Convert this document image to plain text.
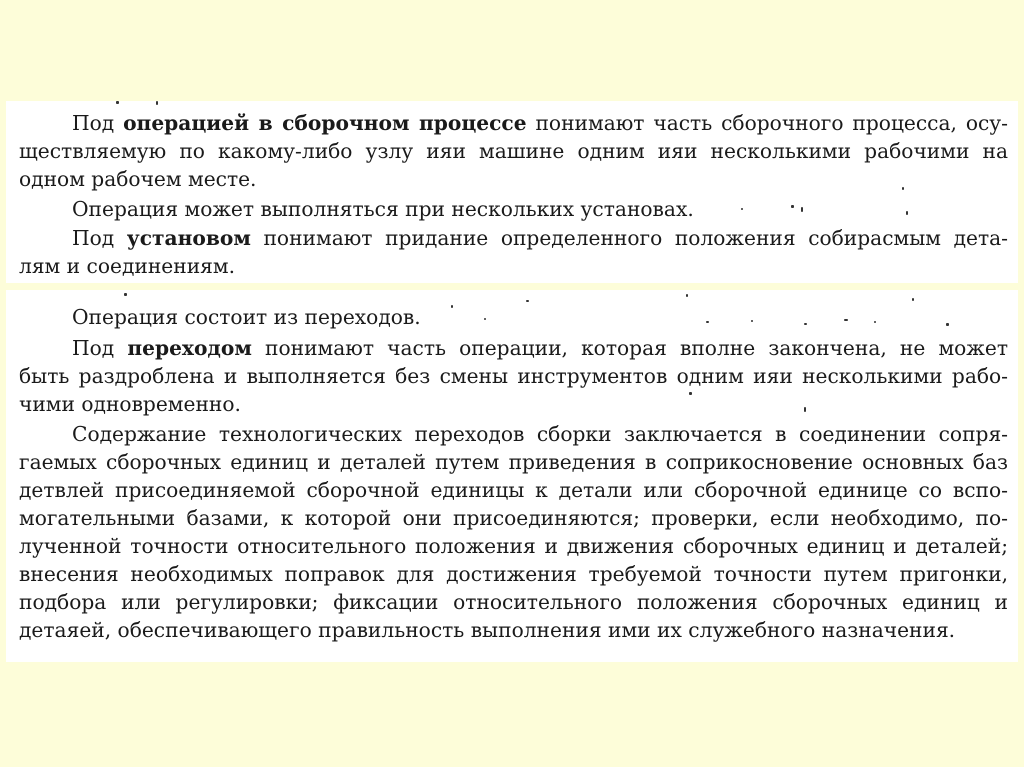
Под операцией в сборочном процессе понимают часть сборочного процесса, осу-
ществляемую по какому-либо узлу ияи машине одним ияи несколькими рабочими на
одном рабочем месте.
Операция может выполняться при нескольких установах.
Под установом понимают придание определенного положения собирасмым дета-
лям и соединениям.
Операция состоит из переходов.
Под переходом понимают часть операции, которая вполне закончена, не может
быть раздроблена и выполняется без смены инструментов одним ияи несколькими рабо-
чими одновременно.
Содержание технологических переходов сборки заключается в соединении сопря-
гаемых сборочных единиц и деталей путем приведения в соприкосновение основных баз
детвлей присоединяемой сборочной единицы к детали или сборочной единице со вспо-
могательными базами, к которой они присоединяются; проверки, если необходимо, по-
лученной точности относительного положения и движения сборочных единиц и деталей;
внесения необходимых поправок для достижения требуемой точности путем пригонки,
подбора или регулировки; фиксации относительного положения сборочных единиц и
детаяей, обеспечивающего правильность выполнения ими их служебного назначения.
